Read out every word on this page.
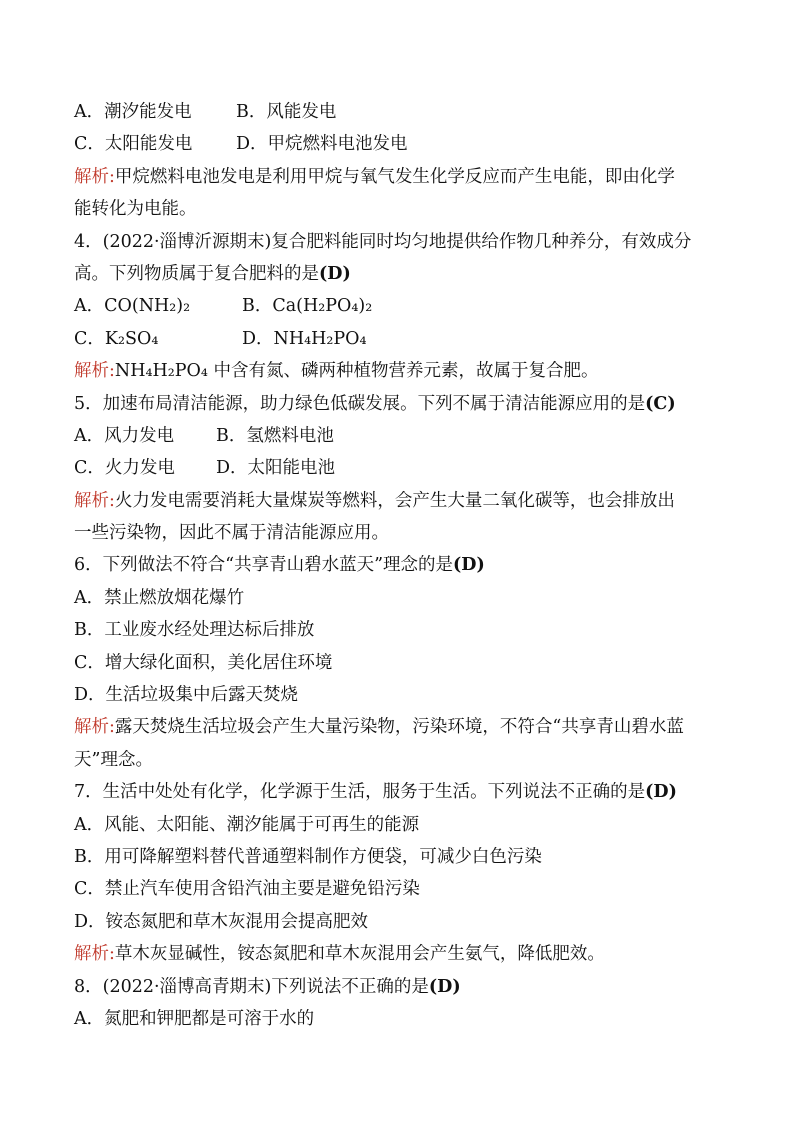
A．潮汐能发电	B．风能发电
C．太阳能发电 D．甲烷燃料电池发电
解析:甲烷燃料电池发电是利用甲烷与氧气发生化学反应而产生电能，即由化学
能转化为电能。
4．(2022·淄博沂源期末)复合肥料能同时均匀地提供给作物几种养分，有效成分
高。下列物质属于复合肥料的是(D)
A．CO(NH₂)₂	B．Ca(H₂PO₄)₂
C．K₂SO₄	D．NH₄H₂PO₄
解析:NH₄H₂PO₄ 中含有氮、磷两种植物营养元素，故属于复合肥。
5．加速布局清洁能源，助力绿色低碳发展。下列不属于清洁能源应用的是(C)
A．风力发电 B．氢燃料电池
C．火力发电 D．太阳能电池
解析:火力发电需要消耗大量煤炭等燃料，会产生大量二氧化碳等，也会排放出
一些污染物，因此不属于清洁能源应用。
6．下列做法不符合“共享青山碧水蓝天”理念的是(D)
A．禁止燃放烟花爆竹
B．工业废水经处理达标后排放
C．增大绿化面积，美化居住环境
D．生活垃圾集中后露天焚烧
解析:露天焚烧生活垃圾会产生大量污染物，污染环境，不符合“共享青山碧水蓝
天”理念。
7．生活中处处有化学，化学源于生活，服务于生活。下列说法不正确的是(D)
A．风能、太阳能、潮汐能属于可再生的能源
B．用可降解塑料替代普通塑料制作方便袋，可减少白色污染
C．禁止汽车使用含铅汽油主要是避免铅污染
D．铵态氮肥和草木灰混用会提高肥效
解析:草木灰显碱性，铵态氮肥和草木灰混用会产生氨气，降低肥效。
8．(2022·淄博高青期末)下列说法不正确的是(D)
A．氮肥和钾肥都是可溶于水的
